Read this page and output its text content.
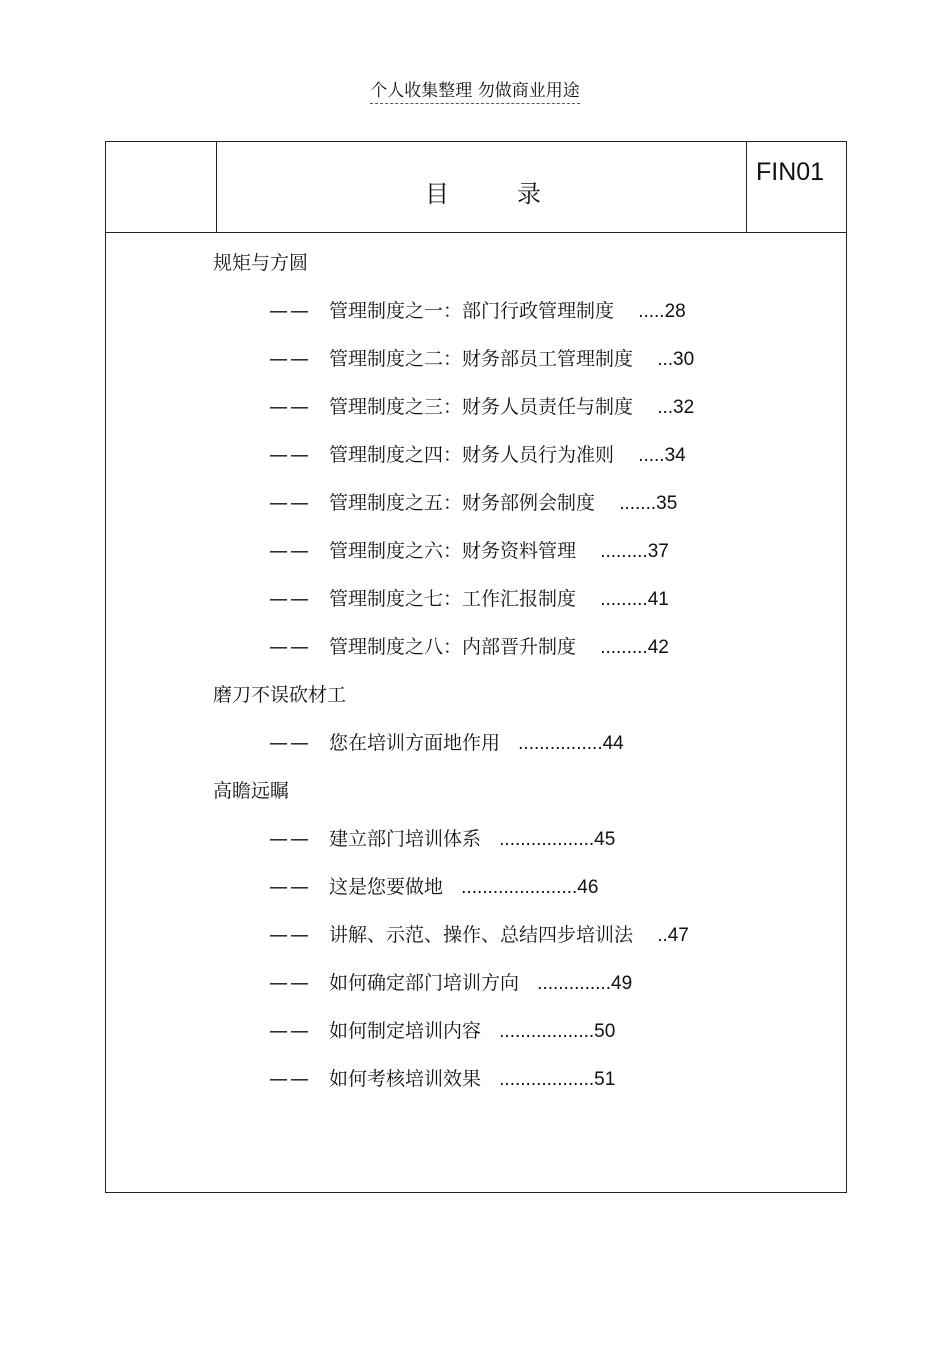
个人收集整理 勿做商业用途
目录
FIN01
规矩与方圆
—— 管理制度之一：部门行政管理制度 .....28
—— 管理制度之二：财务部员工管理制度 ...30
—— 管理制度之三：财务人员责任与制度 ...32
—— 管理制度之四：财务人员行为准则 .....34
—— 管理制度之五：财务部例会制度 .......35
—— 管理制度之六：财务资料管理 .........37
—— 管理制度之七：工作汇报制度 .........41
—— 管理制度之八：内部晋升制度 .........42
磨刀不误砍材工
—— 您在培训方面地作用 ................44
高瞻远瞩
—— 建立部门培训体系 ..................45
—— 这是您要做地 ......................46
—— 讲解、示范、操作、总结四步培训法 ..47
—— 如何确定部门培训方向 ..............49
—— 如何制定培训内容 ..................50
—— 如何考核培训效果 ..................51
